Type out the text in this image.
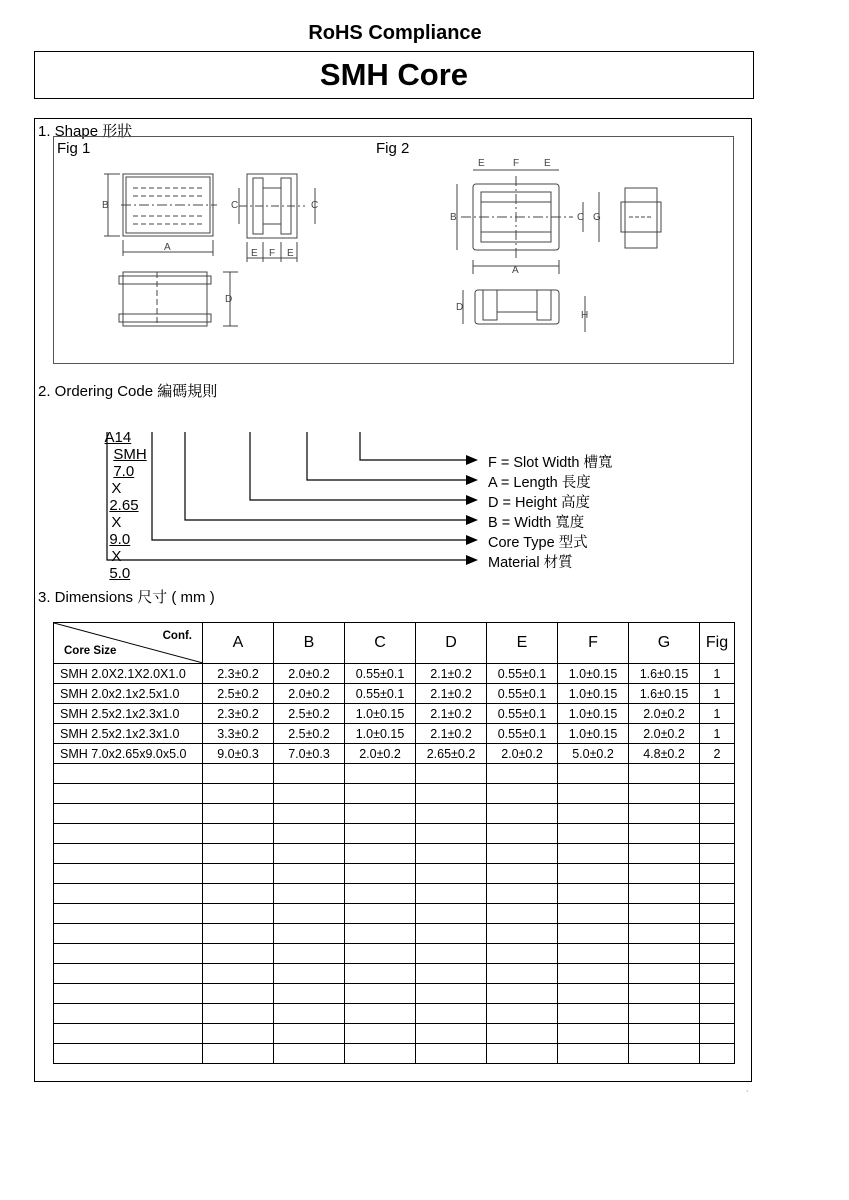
RoHS Compliance
SMH Core
1. Shape 形狀
Fig 1	Fig 2
B
A
C	C
E F E
D
E	F E
B
A
C G
D
H
2. Ordering Code 編碼規則

A14
SMH
7.0
X
2.65
X
9.0
X
5.0

F = Slot Width 槽寬
A = Length 長度
D = Height 高度
B = Width 寬度
Core Type 型式
Material 材質
3. Dimensions 尺寸 ( mm )
Conf.
Core Size	A	B	C	D	E	F	G	Fig
SMH 2.0X2.1X2.0X1.0	2.3±0.2	2.0±0.2	0.55±0.1	2.1±0.2	0.55±0.1	1.0±0.15	1.6±0.15	1
SMH 2.0x2.1x2.5x1.0	2.5±0.2	2.0±0.2	0.55±0.1	2.1±0.2	0.55±0.1	1.0±0.15	1.6±0.15	1
SMH 2.5x2.1x2.3x1.0	2.3±0.2	2.5±0.2	1.0±0.15	2.1±0.2	0.55±0.1	1.0±0.15	2.0±0.2	1
SMH 2.5x2.1x2.3x1.0	3.3±0.2	2.5±0.2	1.0±0.15	2.1±0.2	0.55±0.1	1.0±0.15	2.0±0.2	1
SMH 7.0x2.65x9.0x5.0	9.0±0.3	7.0±0.3	2.0±0.2	2.65±0.2	2.0±0.2	5.0±0.2	4.8±0.2	2

,
